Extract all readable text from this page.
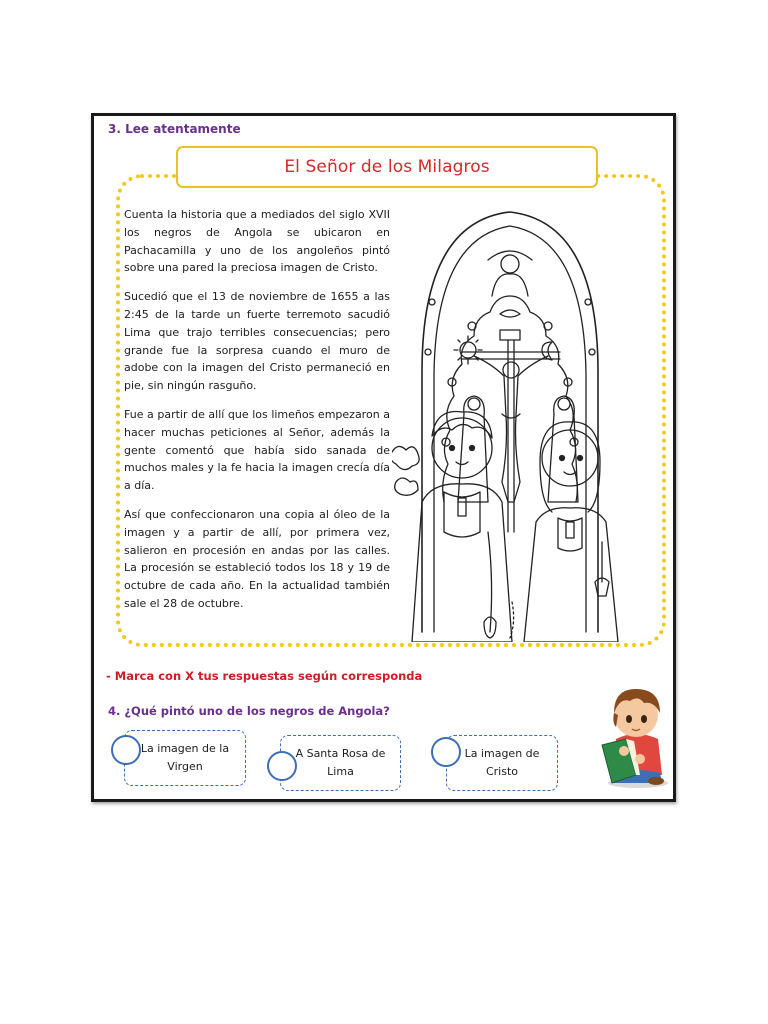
3. Lee atentamente
El Señor de los Milagros

Cuenta la historia que a mediados del siglo XVII los negros de Angola se ubicaron en Pachacamilla y uno de los angoleños pintó sobre una pared la preciosa imagen de Cristo.

Sucedió que el 13 de noviembre de 1655 a las 2:45 de la tarde un fuerte terremoto sacudió Lima que trajo terribles consecuencias; pero grande fue la sorpresa cuando el muro de adobe con la imagen del Cristo permaneció en pie, sin ningún rasguño.

Fue a partir de allí que los limeños empezaron a hacer muchas peticiones al Señor, además la gente comentó que había sido sanada de muchos males y la fe hacia la imagen crecía día a día.

Así que confeccionaron una copia al óleo de la imagen y a partir de allí, por primera vez, salieron en procesión en andas por las calles. La procesión se estableció todos los 18 y 19 de octubre de cada año. En la actualidad también sale el 28 de octubre.

- Marca con X tus respuestas según corresponda
4. ¿Qué pintó uno de los negros de Angola?
La imagen de la
Virgen
A Santa Rosa de
Lima
La imagen de
Cristo
